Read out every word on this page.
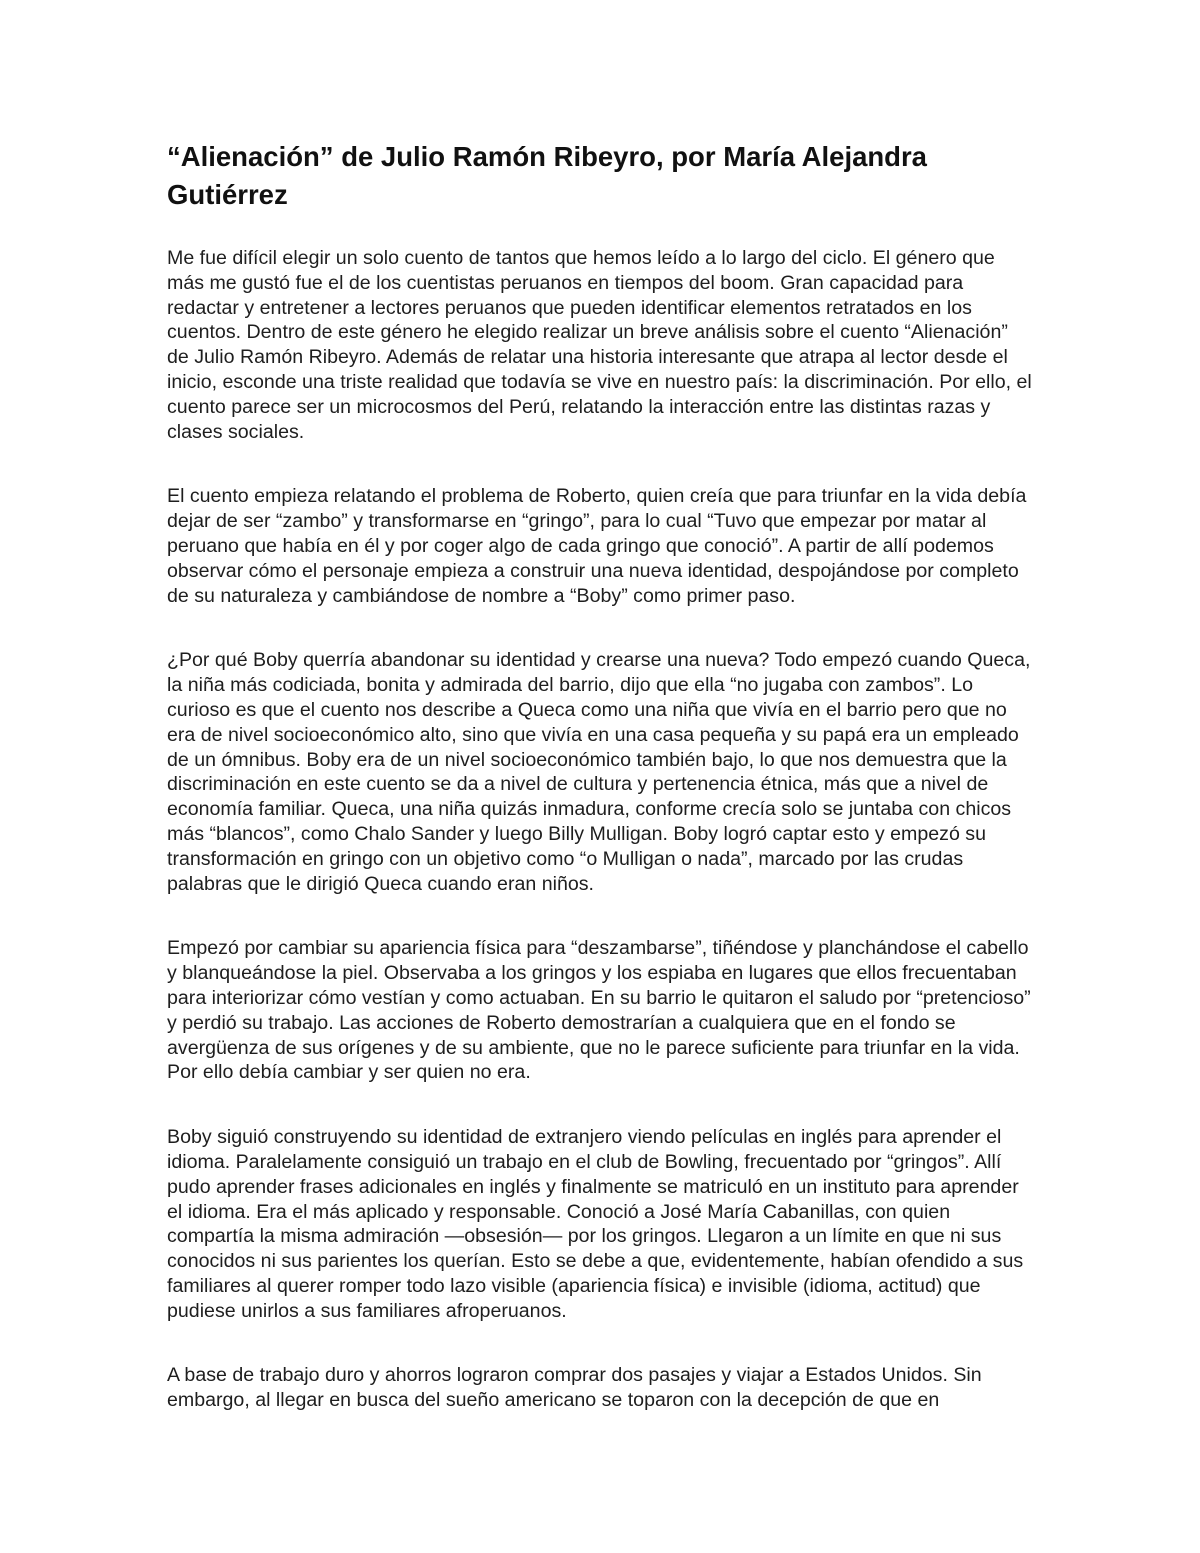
“Alienación” de Julio Ramón Ribeyro, por María Alejandra Gutiérrez

Me fue difícil elegir un solo cuento de tantos que hemos leído a lo largo del ciclo. El género que más me gustó fue el de los cuentistas peruanos en tiempos del boom. Gran capacidad para redactar y entretener a lectores peruanos que pueden identificar elementos retratados en los cuentos. Dentro de este género he elegido realizar un breve análisis sobre el cuento “Alienación” de Julio Ramón Ribeyro. Además de relatar una historia interesante que atrapa al lector desde el inicio, esconde una triste realidad que todavía se vive en nuestro país: la discriminación. Por ello, el cuento parece ser un microcosmos del Perú, relatando la interacción entre las distintas razas y clases sociales.

El cuento empieza relatando el problema de Roberto, quien creía que para triunfar en la vida debía dejar de ser “zambo” y transformarse en “gringo”, para lo cual “Tuvo que empezar por matar al peruano que había en él y por coger algo de cada gringo que conoció”. A partir de allí podemos observar cómo el personaje empieza a construir una nueva identidad, despojándose por completo de su naturaleza y cambiándose de nombre a “Boby” como primer paso.

¿Por qué Boby querría abandonar su identidad y crearse una nueva? Todo empezó cuando Queca, la niña más codiciada, bonita y admirada del barrio, dijo que ella “no jugaba con zambos”. Lo curioso es que el cuento nos describe a Queca como una niña que vivía en el barrio pero que no era de nivel socioeconómico alto, sino que vivía en una casa pequeña y su papá era un empleado de un ómnibus. Boby era de un nivel socioeconómico también bajo, lo que nos demuestra que la discriminación en este cuento se da a nivel de cultura y pertenencia étnica, más que a nivel de economía familiar. Queca, una niña quizás inmadura, conforme crecía solo se juntaba con chicos más “blancos”, como Chalo Sander y luego Billy Mulligan. Boby logró captar esto y empezó su transformación en gringo con un objetivo como “o Mulligan o nada”, marcado por las crudas palabras que le dirigió Queca cuando eran niños.

Empezó por cambiar su apariencia física para “deszambarse”, tiñéndose y planchándose el cabello y blanqueándose la piel. Observaba a los gringos y los espiaba en lugares que ellos frecuentaban para interiorizar cómo vestían y como actuaban. En su barrio le quitaron el saludo por “pretencioso” y perdió su trabajo. Las acciones de Roberto demostrarían a cualquiera que en el fondo se avergüenza de sus orígenes y de su ambiente, que no le parece suficiente para triunfar en la vida. Por ello debía cambiar y ser quien no era.

Boby siguió construyendo su identidad de extranjero viendo películas en inglés para aprender el idioma. Paralelamente consiguió un trabajo en el club de Bowling, frecuentado por “gringos”. Allí pudo aprender frases adicionales en inglés y finalmente se matriculó en un instituto para aprender el idioma. Era el más aplicado y responsable. Conoció a José María Cabanillas, con quien compartía la misma admiración —obsesión— por los gringos. Llegaron a un límite en que ni sus conocidos ni sus parientes los querían. Esto se debe a que, evidentemente, habían ofendido a sus familiares al querer romper todo lazo visible (apariencia física) e invisible (idioma, actitud) que pudiese unirlos a sus familiares afroperuanos.

A base de trabajo duro y ahorros lograron comprar dos pasajes y viajar a Estados Unidos. Sin embargo, al llegar en busca del sueño americano se toparon con la decepción de que en
